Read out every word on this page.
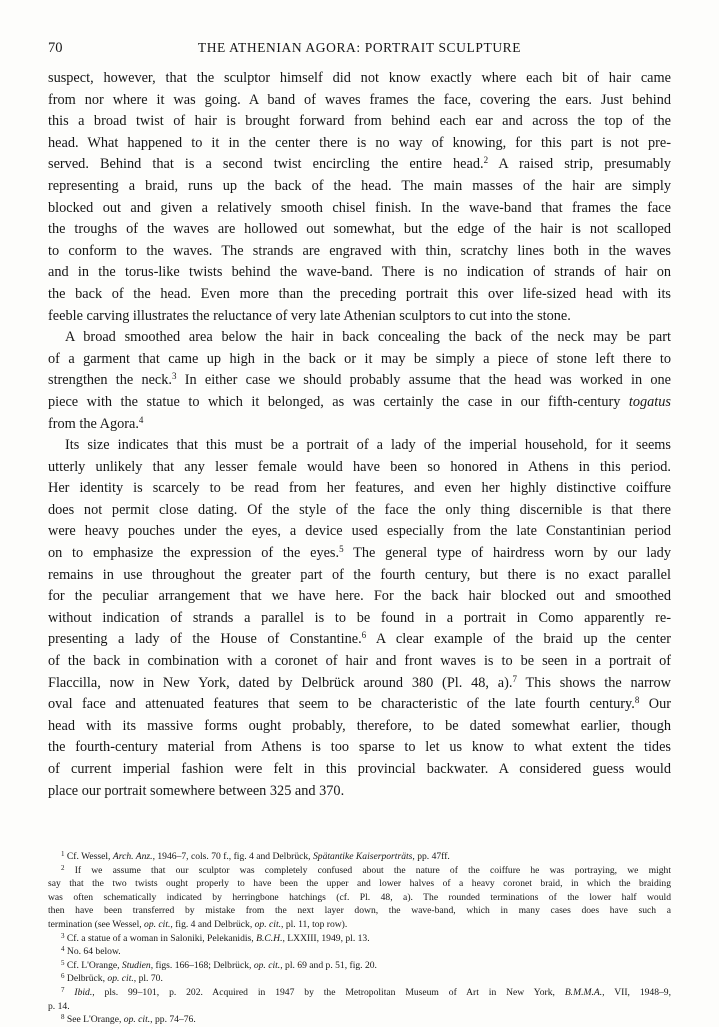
70	THE ATHENIAN AGORA: PORTRAIT SCULPTURE

suspect, however, that the sculptor himself did not know exactly where each bit of hair came
from nor where it was going. A band of waves frames the face, covering the ears. Just behind
this a broad twist of hair is brought forward from behind each ear and across the top of the
head. What happened to it in the center there is no way of knowing, for this part is not pre-
served. Behind that is a second twist encircling the entire head.$^2$ A raised strip, presumably
representing a braid, runs up the back of the head. The main masses of the hair are simply
blocked out and given a relatively smooth chisel finish. In the wave-band that frames the face
the troughs of the waves are hollowed out somewhat, but the edge of the hair is not scalloped
to conform to the waves. The strands are engraved with thin, scratchy lines both in the waves
and in the torus-like twists behind the wave-band. There is no indication of strands of hair on
the back of the head. Even more than the preceding portrait this over life-sized head with its
feeble carving illustrates the reluctance of very late Athenian sculptors to cut into the stone.

A broad smoothed area below the hair in back concealing the back of the neck may be part
of a garment that came up high in the back or it may be simply a piece of stone left there to
strengthen the neck.$^3$ In either case we should probably assume that the head was worked in one
piece with the statue to which it belonged, as was certainly the case in our fifth-century togatus
from the Agora.$^4$

Its size indicates that this must be a portrait of a lady of the imperial household, for it seems
utterly unlikely that any lesser female would have been so honored in Athens in this period.
Her identity is scarcely to be read from her features, and even her highly distinctive coiffure
does not permit close dating. Of the style of the face the only thing discernible is that there
were heavy pouches under the eyes, a device used especially from the late Constantinian period
on to emphasize the expression of the eyes.$^5$ The general type of hairdress worn by our lady
remains in use throughout the greater part of the fourth century, but there is no exact parallel
for the peculiar arrangement that we have here. For the back hair blocked out and smoothed
without indication of strands a parallel is to be found in a portrait in Como apparently re-
presenting a lady of the House of Constantine.$^6$ A clear example of the braid up the center
of the back in combination with a coronet of hair and front waves is to be seen in a portrait of
Flaccilla, now in New York, dated by Delbrück around 380 (Pl. 48, a).$^7$ This shows the narrow
oval face and attenuated features that seem to be characteristic of the late fourth century.$^8$ Our
head with its massive forms ought probably, therefore, to be dated somewhat earlier, though
the fourth-century material from Athens is too sparse to let us know to what extent the tides
of current imperial fashion were felt in this provincial backwater. A considered guess would
place our portrait somewhere between 325 and 370.

$^1$ Cf. Wessel, Arch. Anz., 1946–7, cols. 70 f., fig. 4 and Delbrück, Spätantike Kaiserporträts, pp. 47ff.
$^2$ If we assume that our sculptor was completely confused about the nature of the coiffure he was portraying, we might
say that the two twists ought properly to have been the upper and lower halves of a heavy coronet braid, in which the braiding
was often schematically indicated by herringbone hatchings (cf. Pl. 48, a). The rounded terminations of the lower half would
then have been transferred by mistake from the next layer down, the wave-band, which in many cases does have such a
termination (see Wessel, op. cit., fig. 4 and Delbrück, op. cit., pl. 11, top row).
$^3$ Cf. a statue of a woman in Saloniki, Pelekanidis, B.C.H., LXXIII, 1949, pl. 13.
$^4$ No. 64 below.
$^5$ Cf. L'Orange, Studien, figs. 166–168; Delbrück, op. cit., pl. 69 and p. 51, fig. 20.
$^6$ Delbrück, op. cit., pl. 70.
$^7$ Ibid., pls. 99–101, p. 202. Acquired in 1947 by the Metropolitan Museum of Art in New York, B.M.M.A., VII, 1948–9,
p. 14.
$^8$ See L'Orange, op. cit., pp. 74–76.
